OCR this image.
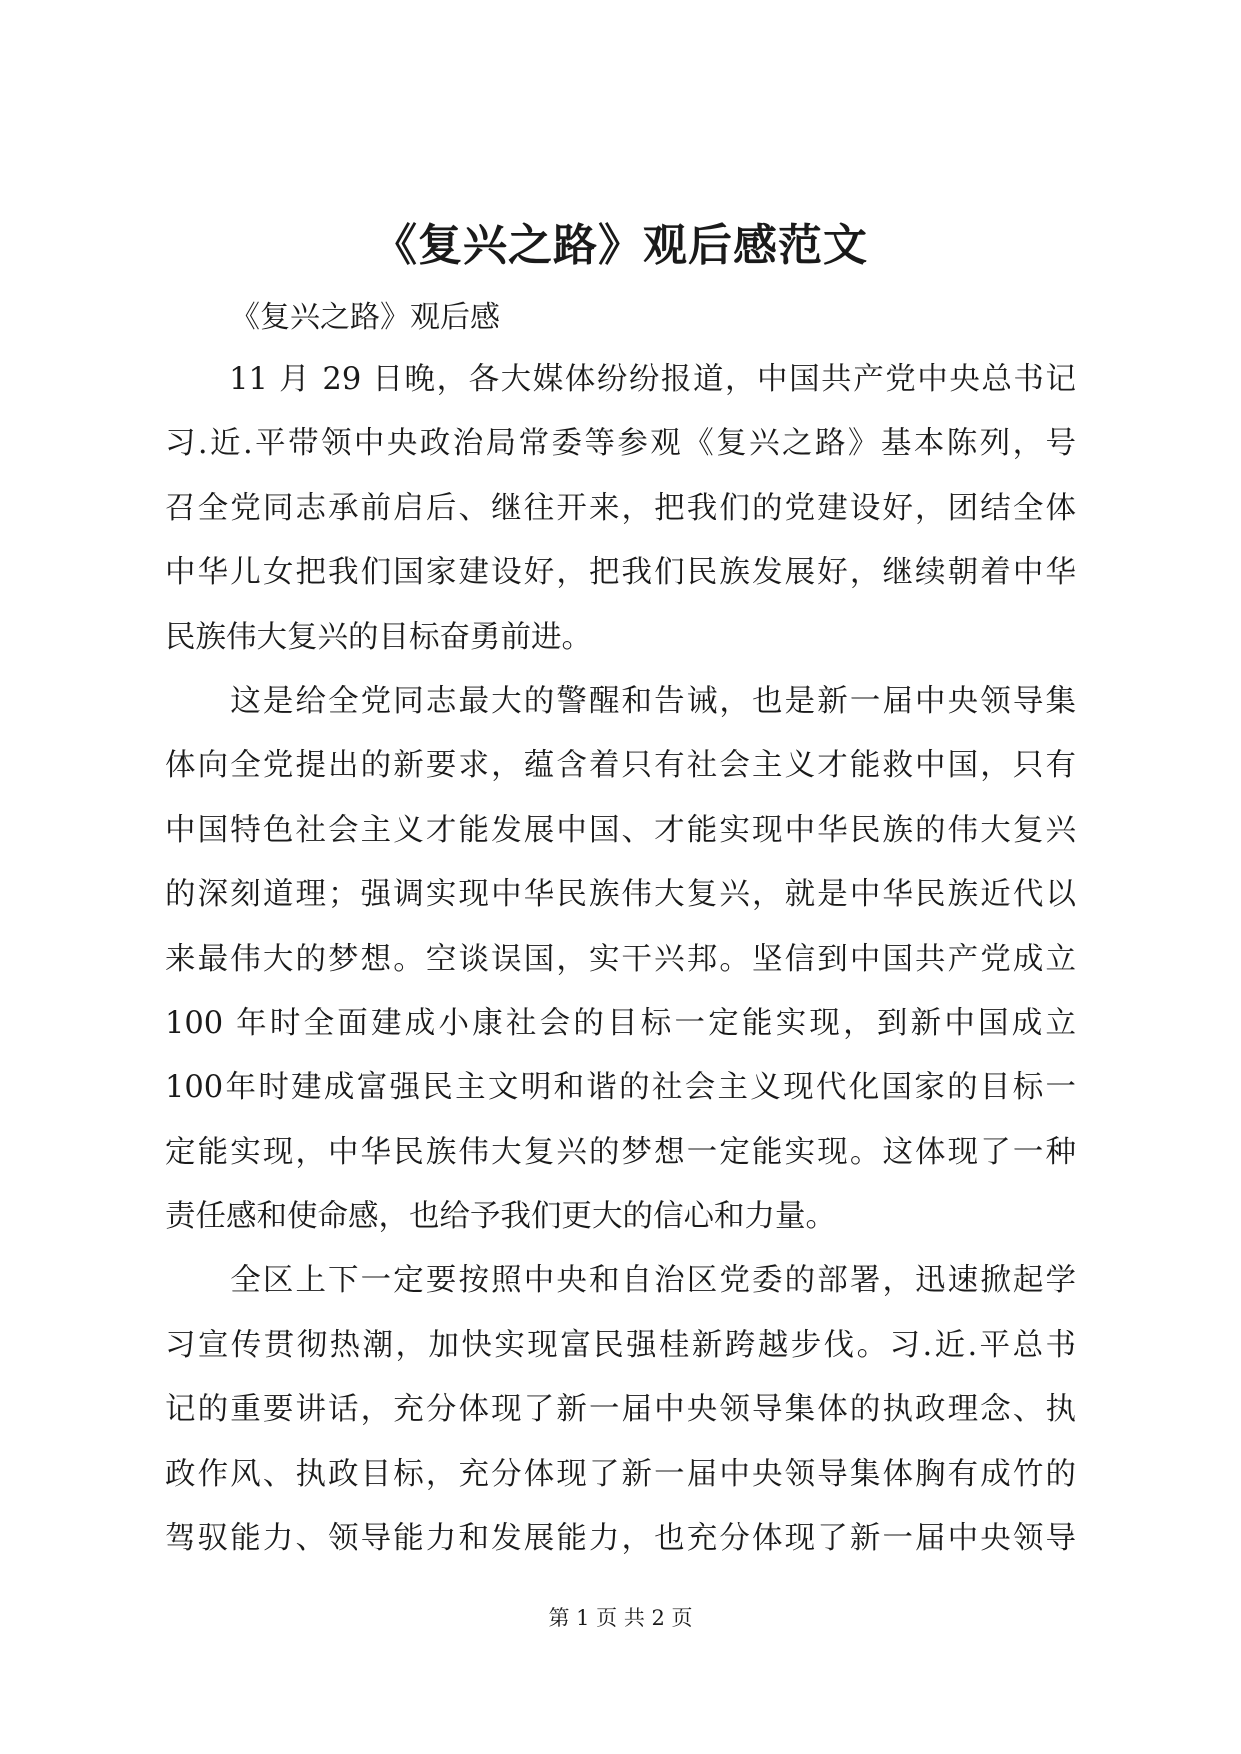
《复兴之路》观后感范文

《复兴之路》观后感

　　11 月 29 日晚，各大媒体纷纷报道，中国共产党中央总书记
习.近.平带领中央政治局常委等参观《复兴之路》基本陈列，号
召全党同志承前启后、继往开来，把我们的党建设好，团结全体
中华儿女把我们国家建设好，把我们民族发展好，继续朝着中华
民族伟大复兴的目标奋勇前进。
　　这是给全党同志最大的警醒和告诫，也是新一届中央领导集
体向全党提出的新要求，蕴含着只有社会主义才能救中国，只有
中国特色社会主义才能发展中国、才能实现中华民族的伟大复兴
的深刻道理；强调实现中华民族伟大复兴，就是中华民族近代以
来最伟大的梦想。空谈误国，实干兴邦。坚信到中国共产党成立
100 年时全面建成小康社会的目标一定能实现，到新中国成立
100年时建成富强民主文明和谐的社会主义现代化国家的目标一
定能实现，中华民族伟大复兴的梦想一定能实现。这体现了一种
责任感和使命感，也给予我们更大的信心和力量。
　　全区上下一定要按照中央和自治区党委的部署，迅速掀起学
习宣传贯彻热潮，加快实现富民强桂新跨越步伐。习.近.平总书
记的重要讲话，充分体现了新一届中央领导集体的执政理念、执
政作风、执政目标，充分体现了新一届中央领导集体胸有成竹的
驾驭能力、领导能力和发展能力，也充分体现了新一届中央领导

第 1 页 共 2 页
